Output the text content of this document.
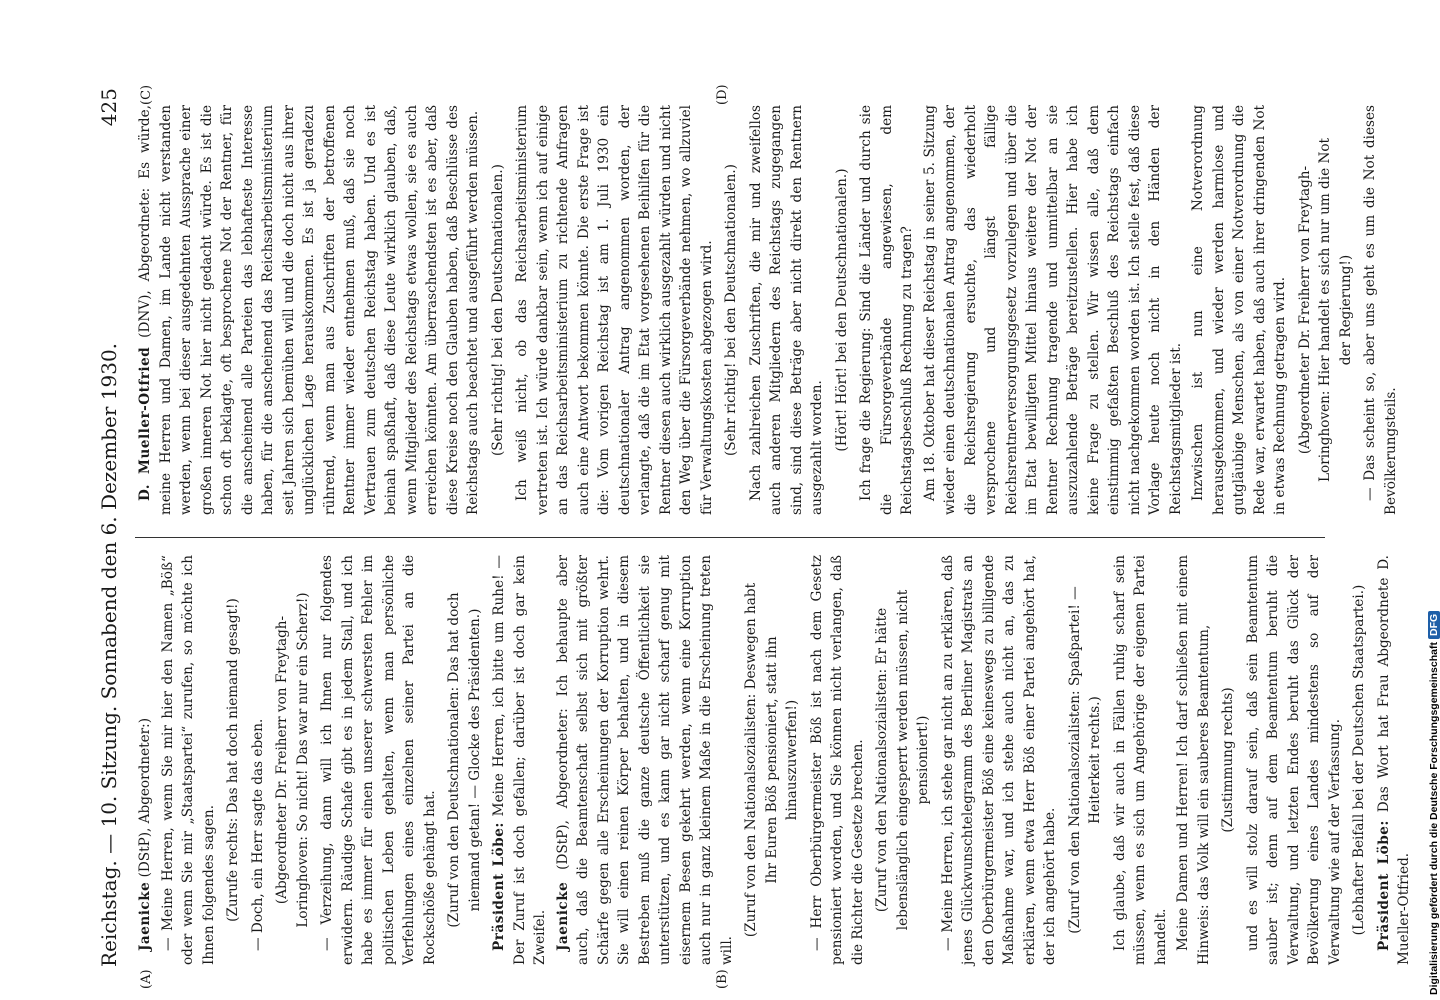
Reichstag. — 10. Sitzung. Sonnabend den 6. Dezember 1930.
425
(A)	(B)
(C)	(D)

Jaenicke (DStP), Abgeordneter:) — Meine Herren, wenn Sie mir hier den Namen „Böß“ oder wenn Sie mir „Staatspartei“ zurufen, so möchte ich Ihnen folgendes sagen. (Zurufe rechts: Das hat doch niemand gesagt!) — Doch, ein Herr sagte das eben. (Abgeordneter Dr. Freiherr von Freytagh-Loringhoven: So nicht! Das war nur ein Scherz!) — Verzeihung, dann will ich Ihnen nur folgendes erwidern. Räudige Schafe gibt es in jedem Stall, und ich habe es immer für einen unserer schwersten Fehler im politischen Leben gehalten, wenn man persönliche Verfehlungen eines einzelnen seiner Partei an die Rockschöße gehängt hat. (Zuruf von den Deutschnationalen: Das hat doch niemand getan! — Glocke des Präsidenten.) Präsident Löbe: Meine Herren, ich bitte um Ruhe! — Der Zuruf ist doch gefallen; darüber ist doch gar kein Zweifel. Jaenicke (DStP), Abgeordneter: Ich behaupte aber auch, daß die Beamtenschaft selbst sich mit größter Schärfe gegen alle Erscheinungen der Korruption wehrt. Sie will einen reinen Körper behalten, und in diesem Bestreben muß die ganze deutsche Öffentlichkeit sie unterstützen, und es kann gar nicht scharf genug mit eisernem Besen gekehrt werden, wenn eine Korruption auch nur in ganz kleinem Maße in die Erscheinung treten will.

(Zuruf von den Nationalsozialisten: Deswegen habt Ihr Euren Böß pensioniert, statt ihn hinauszuwerfen!) — Herr Oberbürgermeister Böß ist nach dem Gesetz pensioniert worden, und Sie können nicht verlangen, daß die Richter die Gesetze brechen. (Zuruf von den Nationalsozialisten: Er hätte lebenslänglich eingesperrt werden müssen, nicht pensioniert!) — Meine Herren, ich stehe gar nicht an zu erklären, daß jenes Glückwunschtelegramm des Berliner Magistrats an den Oberbürgermeister Böß eine keineswegs zu billigende Maßnahme war, und ich stehe auch nicht an, das zu erklären, wenn etwa Herr Böß einer Partei angehört hat, der ich angehört habe. (Zuruf von den Nationalsozialisten: Spaßpartei! — Heiterkeit rechts.) Ich glaube, daß wir auch in Fällen ruhig scharf sein müssen, wenn es sich um Angehörige der eigenen Partei handelt. Meine Damen und Herren! Ich darf schließen mit einem Hinweis: das Volk will ein sauberes Beamtentum, (Zustimmung rechts) und es will stolz darauf sein, daß sein Beamtentum sauber ist; denn auf dem Beamtentum beruht die Verwaltung, und letzten Endes beruht das Glück der Bevölkerung eines Landes mindestens so auf der Verwaltung wie auf der Verfassung. (Lebhafter Beifall bei der Deutschen Staatspartei.) Präsident Löbe: Das Wort hat Frau Abgeordnete D. Mueller-Otfried.

D. Mueller-Otfried (DNV), Abgeordnete: Es würde, meine Herren und Damen, im Lande nicht verstanden werden, wenn bei dieser ausgedehnten Aussprache einer großen inneren Not hier nicht gedacht würde. Es ist die schon oft beklagte, oft besprochene Not der Rentner, für die anscheinend alle Parteien das lebhafteste Interesse haben, für die anscheinend das Reichsarbeitsministerium seit Jahren sich bemühen will und die doch nicht aus ihrer unglücklichen Lage herauskommen. Es ist ja geradezu rührend, wenn man aus Zuschriften der betroffenen Rentner immer wieder entnehmen muß, daß sie noch Vertrauen zum deutschen Reichstag haben. Und es ist beinah spaßhaft, daß diese Leute wirklich glauben, daß, wenn Mitglieder des Reichstags etwas wollen, sie es auch erreichen könnten. Am überraschendsten ist es aber, daß diese Kreise noch den Glauben haben, daß Beschlüsse des Reichstags auch beachtet und ausgeführt werden müssen. (Sehr richtig! bei den Deutschnationalen.) Ich weiß nicht, ob das Reichsarbeitsministerium vertreten ist. Ich würde dankbar sein, wenn ich auf einige an das Reichsarbeitsministerium zu richtende Anfragen auch eine Antwort bekommen könnte. Die erste Frage ist die: Vom vorigen Reichstag ist am 1. Juli 1930 ein deutschnationaler Antrag angenommen worden, der verlangte, daß die im Etat vorgesehenen Beihilfen für die Rentner diesen auch wirklich ausgezahlt würden und nicht den Weg über die Fürsorgeverbände nehmen, wo allzuviel für Verwaltungskosten abgezogen wird. (Sehr richtig! bei den Deutschnationalen.) Nach zahlreichen Zuschriften, die mir und zweifellos auch anderen Mitgliedern des Reichstags zugegangen sind, sind diese Beträge aber nicht direkt den Rentnern ausgezahlt worden. (Hört! Hört! bei den Deutschnationalen.) Ich frage die Regierung: Sind die Länder und durch sie die Fürsorgeverbände angewiesen, dem Reichstagsbeschluß Rechnung zu tragen? Am 18. Oktober hat dieser Reichstag in seiner 5. Sitzung wieder einen deutschnationalen Antrag angenommen, der die Reichsregierung ersuchte, das wiederholt versprochene und längst fällige Reichsrentnerversorgungsgesetz vorzulegen und über die im Etat bewilligten Mittel hinaus weitere der Not der Rentner Rechnung tragende und unmittelbar an sie auszuzahlende Beträge bereitzustellen. Hier habe ich keine Frage zu stellen. Wir wissen alle, daß dem einstimmig gefaßten Beschluß des Reichstags einfach nicht nachgekommen worden ist. Ich stelle fest, daß diese Vorlage heute noch nicht in den Händen der Reichstagsmitglieder ist. Inzwischen ist nun eine Notverordnung herausgekommen, und wieder werden harmlose und gutgläubige Menschen, als von einer Notverordnung die Rede war, erwartet haben, daß auch ihrer dringenden Not in etwas Rechnung getragen wird. (Abgeordneter Dr. Freiherr von Freytagh-Loringhoven: Hier handelt es sich nur um die Not der Regierung!) — Das scheint so, aber uns geht es um die Not dieses Bevölkerungsteils.

Digitalisierung gefördert durch die Deutsche ForschungsgemeinschaftDFG
